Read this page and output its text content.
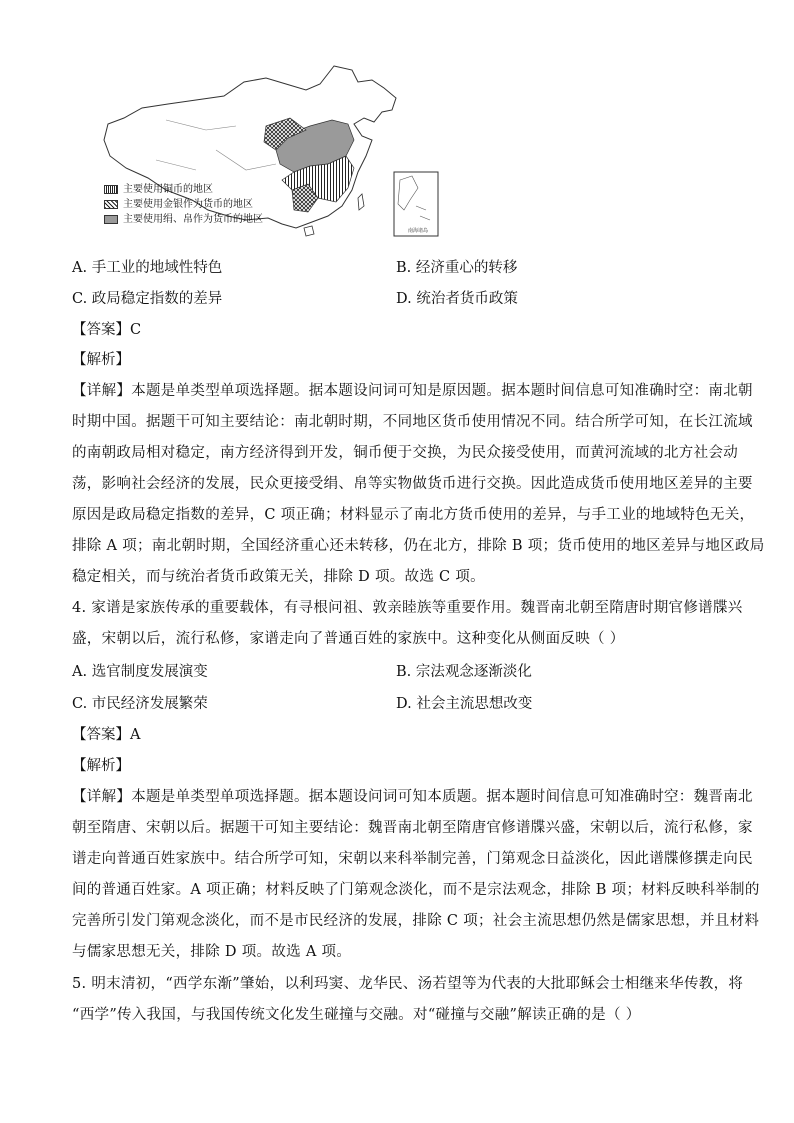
南海诸岛
主要使用铜币的地区
主要使用金银作为货币的地区
主要使用绢、帛作为货币的地区
A. 手工业的地域性特色	B. 经济重心的转移
C. 政局稳定指数的差异	D. 统治者货币政策
【答案】C
【解析】
【详解】本题是单类型单项选择题。据本题设问词可知是原因题。据本题时间信息可知准确时空：南北朝
时期中国。据题干可知主要结论：南北朝时期，不同地区货币使用情况不同。结合所学可知，在长江流域
的南朝政局相对稳定，南方经济得到开发，铜币便于交换，为民众接受使用，而黄河流域的北方社会动
荡，影响社会经济的发展，民众更接受绢、帛等实物做货币进行交换。因此造成货币使用地区差异的主要
原因是政局稳定指数的差异，C 项正确；材料显示了南北方货币使用的差异，与手工业的地域特色无关，
排除 A 项；南北朝时期，全国经济重心还未转移，仍在北方，排除 B 项；货币使用的地区差异与地区政局
稳定相关，而与统治者货币政策无关，排除 D 项。故选 C 项。
4. 家谱是家族传承的重要载体，有寻根问祖、敦亲睦族等重要作用。魏晋南北朝至隋唐时期官修谱牒兴
盛，宋朝以后，流行私修，家谱走向了普通百姓的家族中。这种变化从侧面反映（ ）
A. 选官制度发展演变	B. 宗法观念逐渐淡化
C. 市民经济发展繁荣	D. 社会主流思想改变
【答案】A
【解析】
【详解】本题是单类型单项选择题。据本题设问词可知本质题。据本题时间信息可知准确时空：魏晋南北
朝至隋唐、宋朝以后。据题干可知主要结论：魏晋南北朝至隋唐官修谱牒兴盛，宋朝以后，流行私修，家
谱走向普通百姓家族中。结合所学可知，宋朝以来科举制完善，门第观念日益淡化，因此谱牒修撰走向民
间的普通百姓家。A 项正确；材料反映了门第观念淡化，而不是宗法观念，排除 B 项；材料反映科举制的
完善所引发门第观念淡化，而不是市民经济的发展，排除 C 项；社会主流思想仍然是儒家思想，并且材料
与儒家思想无关，排除 D 项。故选 A 项。
5. 明末清初，“西学东渐”肇始，以利玛窦、龙华民、汤若望等为代表的大批耶稣会士相继来华传教，将
“西学”传入我国，与我国传统文化发生碰撞与交融。对“碰撞与交融”解读正确的是（ ）
